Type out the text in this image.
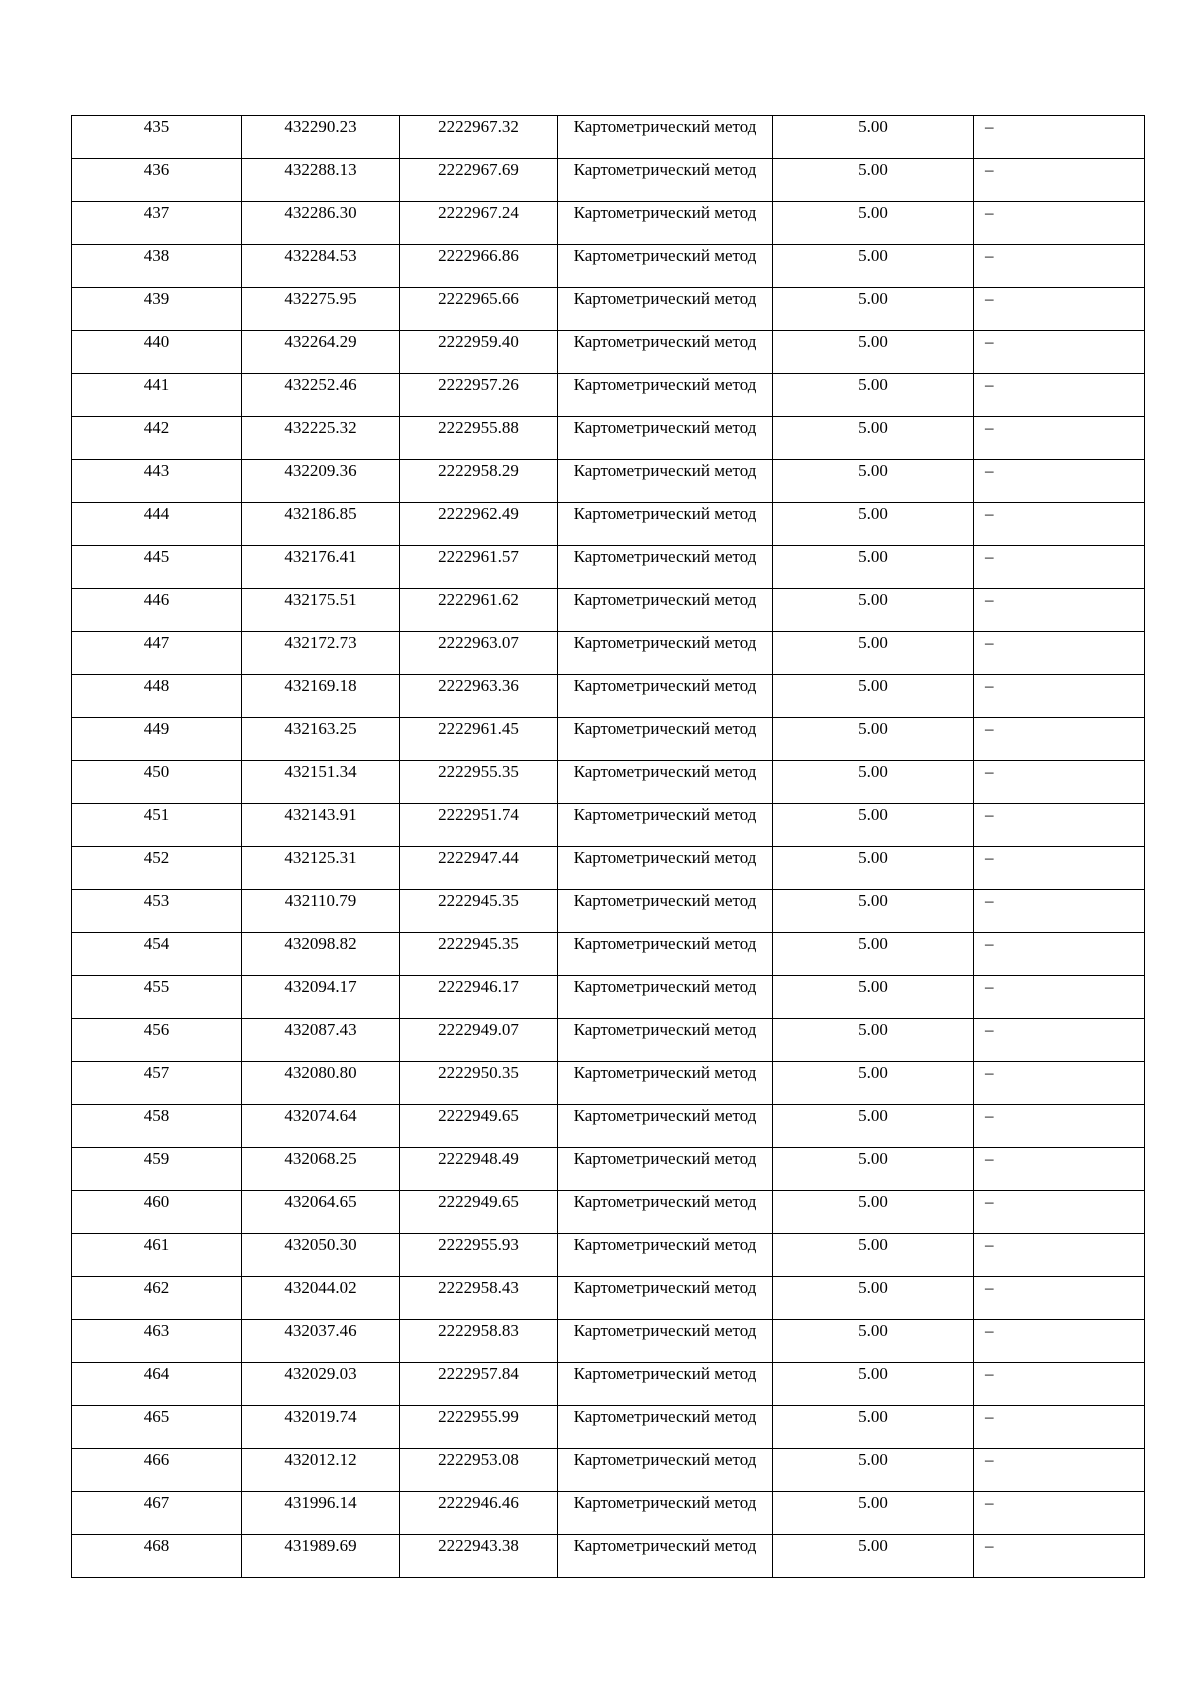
435	432290.23	2222967.32	Картометрический метод	5.00	–

436	432288.13	2222967.69	Картометрический метод	5.00	–

437	432286.30	2222967.24	Картометрический метод	5.00	–

438	432284.53	2222966.86	Картометрический метод	5.00	–

439	432275.95	2222965.66	Картометрический метод	5.00	–

440	432264.29	2222959.40	Картометрический метод	5.00	–

441	432252.46	2222957.26	Картометрический метод	5.00	–

442	432225.32	2222955.88	Картометрический метод	5.00	–

443	432209.36	2222958.29	Картометрический метод	5.00	–

444	432186.85	2222962.49	Картометрический метод	5.00	–

445	432176.41	2222961.57	Картометрический метод	5.00	–

446	432175.51	2222961.62	Картометрический метод	5.00	–

447	432172.73	2222963.07	Картометрический метод	5.00	–

448	432169.18	2222963.36	Картометрический метод	5.00	–

449	432163.25	2222961.45	Картометрический метод	5.00	–

450	432151.34	2222955.35	Картометрический метод	5.00	–

451	432143.91	2222951.74	Картометрический метод	5.00	–

452	432125.31	2222947.44	Картометрический метод	5.00	–

453	432110.79	2222945.35	Картометрический метод	5.00	–

454	432098.82	2222945.35	Картометрический метод	5.00	–

455	432094.17	2222946.17	Картометрический метод	5.00	–

456	432087.43	2222949.07	Картометрический метод	5.00	–

457	432080.80	2222950.35	Картометрический метод	5.00	–

458	432074.64	2222949.65	Картометрический метод	5.00	–

459	432068.25	2222948.49	Картометрический метод	5.00	–

460	432064.65	2222949.65	Картометрический метод	5.00	–

461	432050.30	2222955.93	Картометрический метод	5.00	–

462	432044.02	2222958.43	Картометрический метод	5.00	–

463	432037.46	2222958.83	Картометрический метод	5.00	–

464	432029.03	2222957.84	Картометрический метод	5.00	–

465	432019.74	2222955.99	Картометрический метод	5.00	–

466	432012.12	2222953.08	Картометрический метод	5.00	–

467	431996.14	2222946.46	Картометрический метод	5.00	–

468	431989.69	2222943.38	Картометрический метод	5.00	–
